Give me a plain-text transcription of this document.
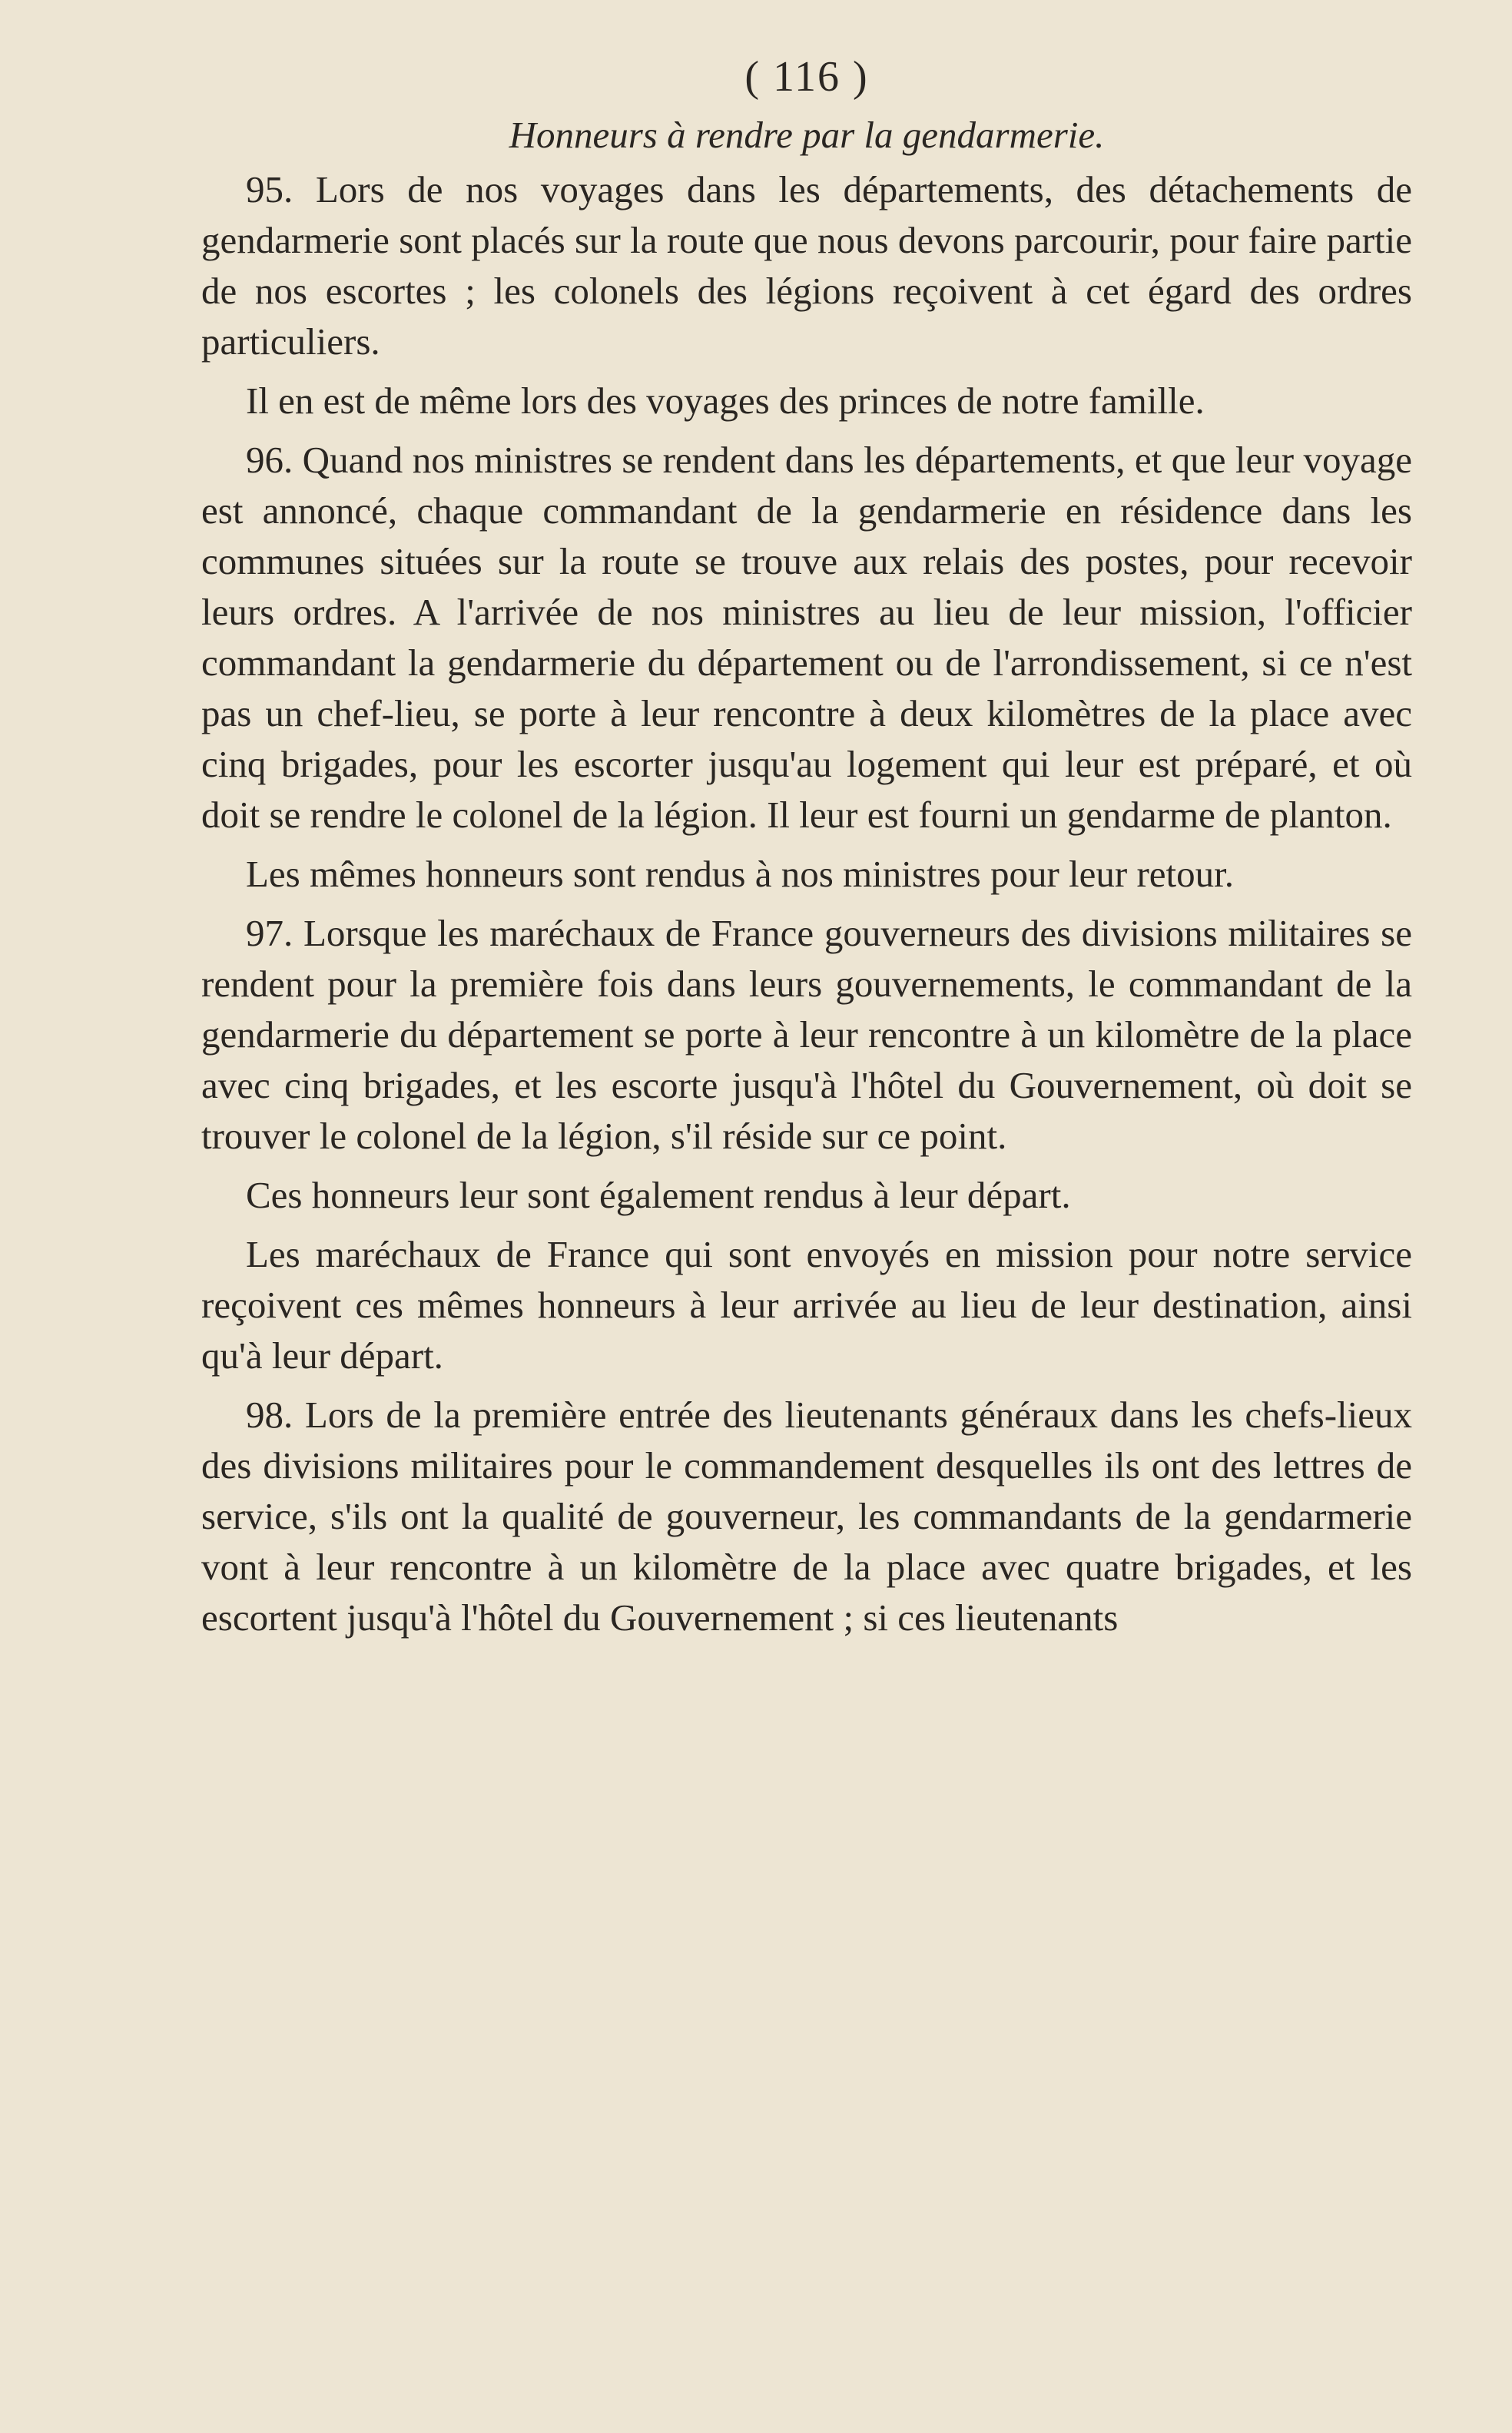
( 116 )

Honneurs à rendre par la gendarmerie.

95. Lors de nos voyages dans les départements, des détachements de gendarmerie sont placés sur la route que nous devons parcourir, pour faire partie de nos escortes ; les colonels des légions reçoivent à cet égard des ordres particuliers.

Il en est de même lors des voyages des princes de notre famille.

96. Quand nos ministres se rendent dans les départements, et que leur voyage est annoncé, chaque commandant de la gendarmerie en résidence dans les communes situées sur la route se trouve aux relais des postes, pour recevoir leurs ordres. A l'arrivée de nos ministres au lieu de leur mission, l'officier commandant la gendarmerie du département ou de l'arrondissement, si ce n'est pas un chef-lieu, se porte à leur rencontre à deux kilomètres de la place avec cinq brigades, pour les escorter jusqu'au logement qui leur est préparé, et où doit se rendre le colonel de la légion. Il leur est fourni un gendarme de planton.

Les mêmes honneurs sont rendus à nos ministres pour leur retour.

97. Lorsque les maréchaux de France gouverneurs des divisions militaires se rendent pour la première fois dans leurs gouvernements, le commandant de la gendarmerie du département se porte à leur rencontre à un kilomètre de la place avec cinq brigades, et les escorte jusqu'à l'hôtel du Gouvernement, où doit se trouver le colonel de la légion, s'il réside sur ce point.

Ces honneurs leur sont également rendus à leur départ.

Les maréchaux de France qui sont envoyés en mission pour notre service reçoivent ces mêmes honneurs à leur arrivée au lieu de leur destination, ainsi qu'à leur départ.

98. Lors de la première entrée des lieutenants généraux dans les chefs-lieux des divisions militaires pour le commandement desquelles ils ont des lettres de service, s'ils ont la qualité de gouverneur, les commandants de la gendarmerie vont à leur rencontre à un kilomètre de la place avec quatre brigades, et les escortent jusqu'à l'hôtel du Gouvernement ; si ces lieutenants
